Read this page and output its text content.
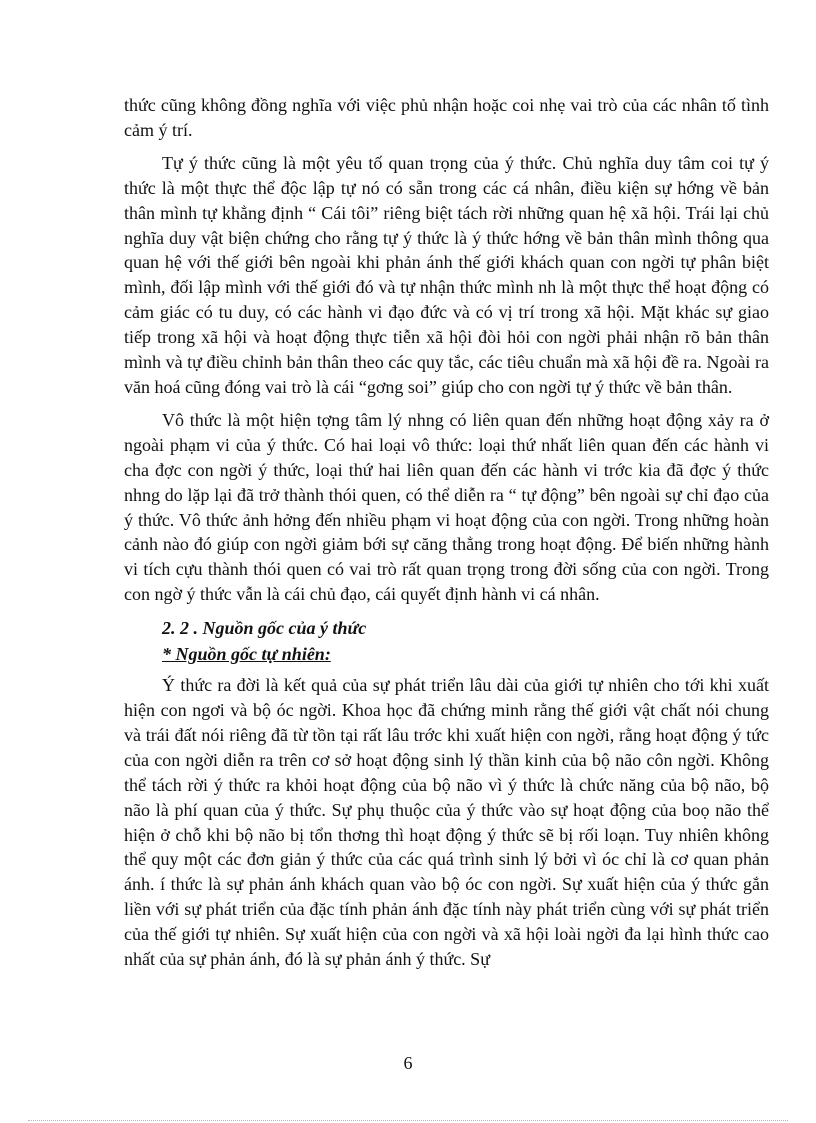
thức cũng không đồng nghĩa với việc phủ nhận hoặc coi nhẹ vai trò của các nhân tố tình cảm ý trí.

Tự ý thức cũng là một yêu tố quan trọng của ý thức. Chủ nghĩa duy tâm coi tự ý thức là một thực thể độc lập tự nó có sẵn trong các cá nhân, điều kiện sự hớng về bản thân mình tự khẳng định “ Cái tôi” riêng biệt tách rời những quan hệ xã hội. Trái lại chủ nghĩa duy vật biện chứng cho rằng tự ý thức là ý thức hớng về bản thân mình thông qua quan hệ với thế giới bên ngoài khi phản ánh thế giới khách quan con ngời tự phân biệt mình, đối lập mình với thế giới đó và tự nhận thức mình nh là một thực thể hoạt động có cảm giác có tu duy, có các hành vi đạo đức và có vị trí trong xã hội. Mặt khác sự giao tiếp trong xã hội và hoạt động thực tiễn xã hội đòi hỏi con ngời phải nhận rõ bản thân mình và tự điều chỉnh bản thân theo các quy tắc, các tiêu chuẩn mà xã hội đề ra. Ngoài ra văn hoá cũng đóng vai trò là cái “gơng soi” giúp cho con ngời tự ý thức về bản thân.

Vô thức là một hiện tợng tâm lý nhng có liên quan đến những hoạt động xảy ra ở ngoài phạm vi của ý thức. Có hai loại vô thức: loại thứ nhất liên quan đến các hành vi cha đợc con ngời ý thức, loại thứ hai liên quan đến các hành vi trớc kia đã đợc ý thức nhng do lặp lại đã trở thành thói quen, có thể diễn ra “ tự động” bên ngoài sự chỉ đạo của ý thức. Vô thức ảnh hởng đến nhiều phạm vi hoạt động của con ngời. Trong những hoàn cảnh nào đó giúp con ngời giảm bới sự căng thẳng trong hoạt động. Để biến những hành vi tích cựu thành thói quen có vai trò rất quan trọng trong đời sống của con ngời. Trong con ngờ ý thức vẫn là cái chủ đạo, cái quyết định hành vi cá nhân.

2. 2 . Nguồn gốc của ý thức
* Nguồn gốc tự nhiên:

Ý thức ra đời là kết quả của sự phát triển lâu dài của giới tự nhiên cho tới khi xuất hiện con ngơi và bộ óc ngời. Khoa học đã chứng minh rằng thế giới vật chất nói chung và trái đất nói riêng đã từ tồn tại rất lâu trớc khi xuất hiện con ngời, rằng hoạt động ý tức của con ngời diễn ra trên cơ sở hoạt động sinh lý thần kinh của bộ não côn ngời. Không thể tách rời ý thức ra khỏi hoạt động của bộ não vì ý thức là chức năng của bộ não, bộ não là phí quan của ý thức. Sự phụ thuộc của ý thức vào sự hoạt động của boọ não thể hiện ở chỗ khi bộ não bị tổn thơng thì hoạt động ý thức sẽ bị rối loạn. Tuy nhiên không thể quy một các đơn giản ý thức của các quá trình sinh lý bởi vì óc chỉ là cơ quan phản ánh. í thức là sự phản ánh khách quan vào bộ óc con ngời. Sự xuất hiện của ý thức gắn liền với sự phát triển của đặc tính phản ánh đặc tính này phát triển cùng với sự phát triển của thế giới tự nhiên. Sự xuất hiện của con ngời và xã hội loài ngời đa lại hình thức cao nhất của sự phản ánh, đó là sự phản ánh ý thức. Sự

6
